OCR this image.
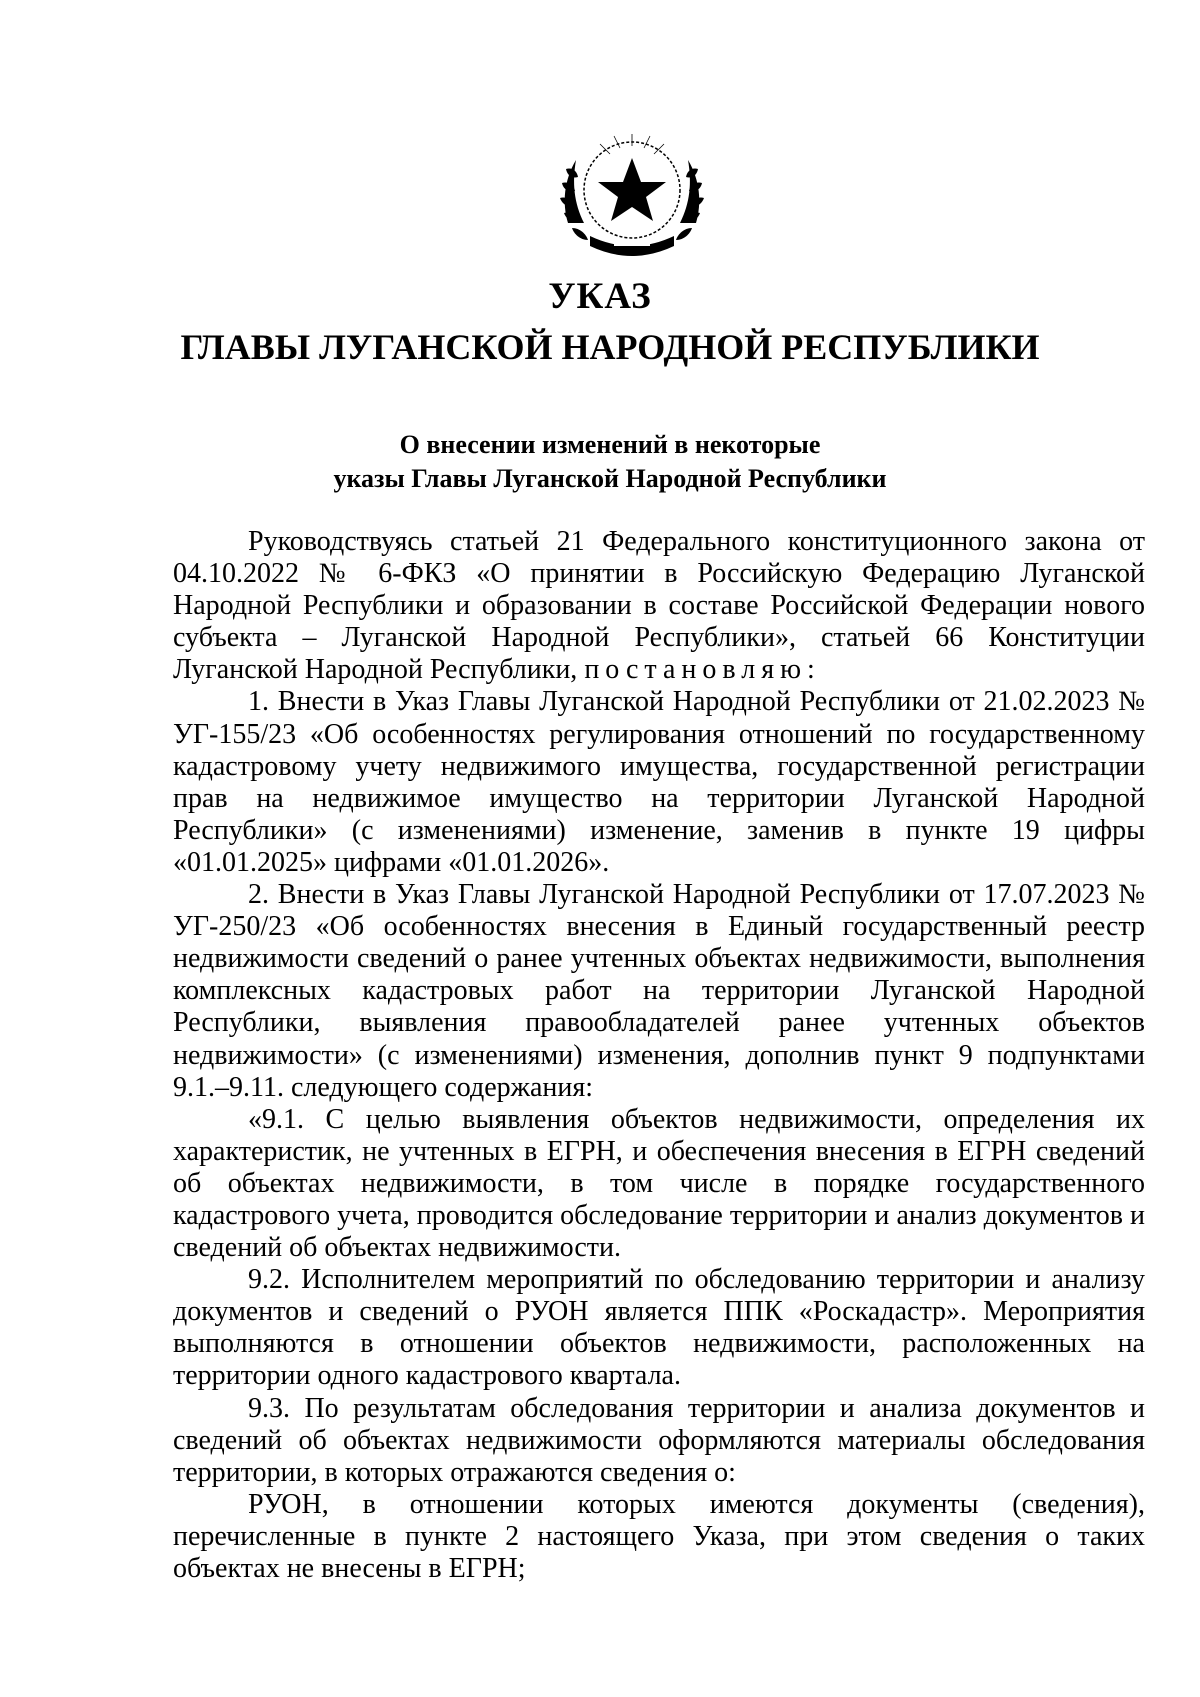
УКАЗ
ГЛАВЫ ЛУГАНСКОЙ НАРОДНОЙ РЕСПУБЛИКИ
О внесении изменений в некоторые
указы Главы Луганской Народной Республики

Руководствуясь статьей 21 Федерального конституционного закона от 04.10.2022 № 6-ФКЗ «О принятии в Российскую Федерацию Луганской Народной Республики и образовании в составе Российской Федерации нового субъекта – Луганской Народной Республики», статьей 66 Конституции Луганской Народной Республики, постановляю:

1. Внести в Указ Главы Луганской Народной Республики от 21.02.2023 № УГ-155/23 «Об особенностях регулирования отношений по государственному кадастровому учету недвижимого имущества, государственной регистрации прав на недвижимое имущество на территории Луганской Народной Республики» (с изменениями) изменение, заменив в пункте 19 цифры «01.01.2025» цифрами «01.01.2026».

2. Внести в Указ Главы Луганской Народной Республики от 17.07.2023 № УГ-250/23 «Об особенностях внесения в Единый государственный реестр недвижимости сведений о ранее учтенных объектах недвижимости, выполнения комплексных кадастровых работ на территории Луганской Народной Республики, выявления правообладателей ранее учтенных объектов недвижимости» (с изменениями) изменения, дополнив пункт 9 подпунктами 9.1.–9.11. следующего содержания:

«9.1. С целью выявления объектов недвижимости, определения их характеристик, не учтенных в ЕГРН, и обеспечения внесения в ЕГРН сведений об объектах недвижимости, в том числе в порядке государственного кадастрового учета, проводится обследование территории и анализ документов и сведений об объектах недвижимости.

9.2. Исполнителем мероприятий по обследованию территории и анализу документов и сведений о РУОН является ППК «Роскадастр». Мероприятия выполняются в отношении объектов недвижимости, расположенных на территории одного кадастрового квартала.

9.3. По результатам обследования территории и анализа документов и сведений об объектах недвижимости оформляются материалы обследования территории, в которых отражаются сведения о:

РУОН, в отношении которых имеются документы (сведения), перечисленные в пункте 2 настоящего Указа, при этом сведения о таких объектах не внесены в ЕГРН;
